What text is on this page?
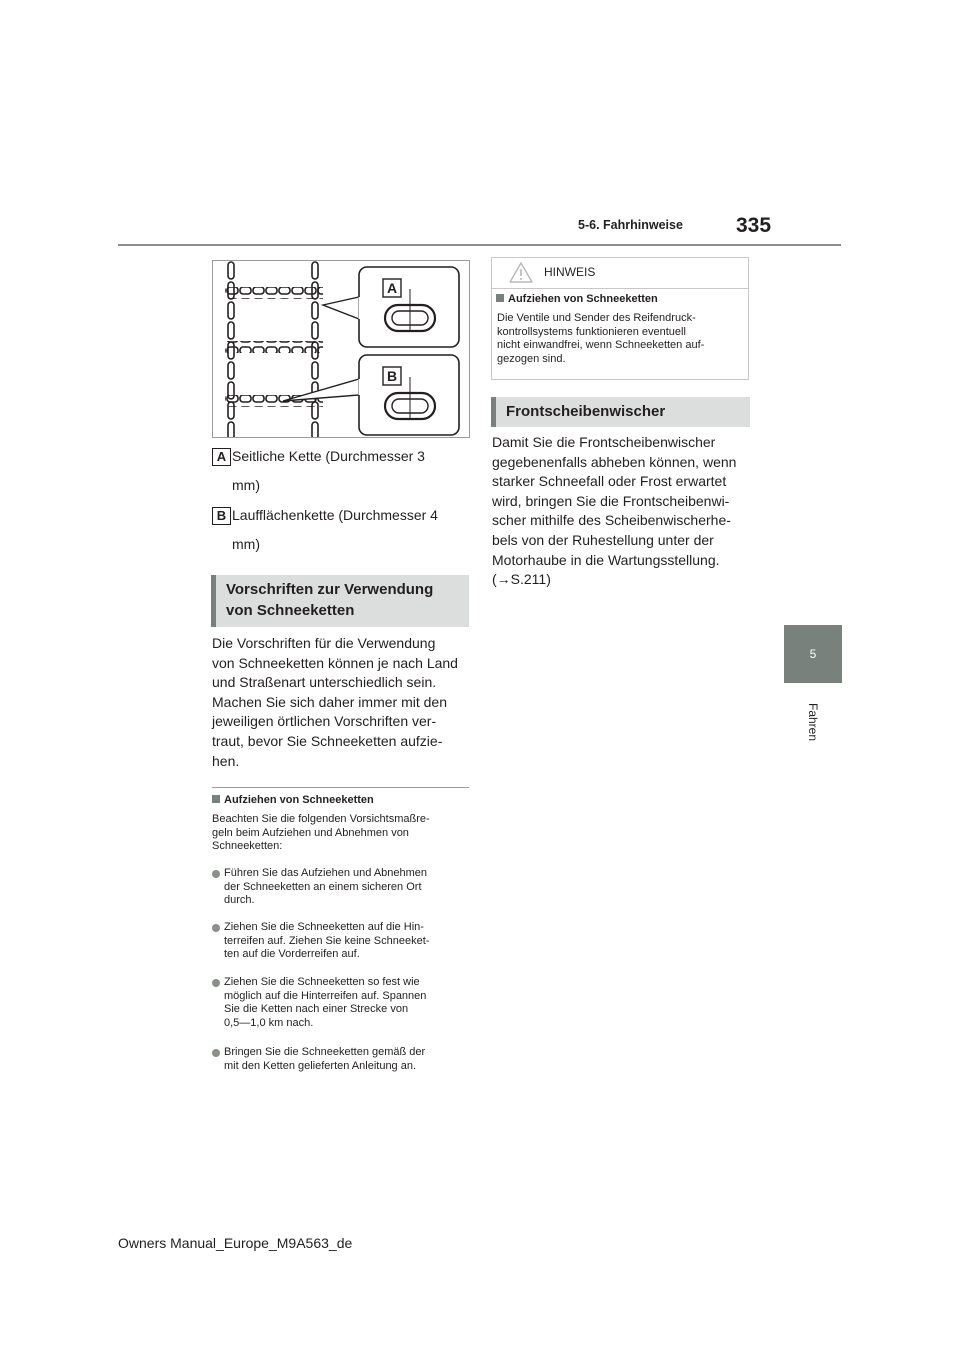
5-6. Fahrhinweise	335
5
Fahren
A
B
A Seitliche Kette (Durchmesser 3
mm)
B Laufflächenkette (Durchmesser 4
mm)
Vorschriften zur Verwendung
von Schneeketten
Die Vorschriften für die Verwendung
von Schneeketten können je nach Land
und Straßenart unterschiedlich sein.
Machen Sie sich daher immer mit den
jeweiligen örtlichen Vorschriften ver-
traut, bevor Sie Schneeketten aufzie-
hen.
Aufziehen von Schneeketten
Beachten Sie die folgenden Vorsichtsmaßre-
geln beim Aufziehen und Abnehmen von
Schneeketten:
Führen Sie das Aufziehen und Abnehmen
der Schneeketten an einem sicheren Ort
durch.
Ziehen Sie die Schneeketten auf die Hin-
terreifen auf. Ziehen Sie keine Schneeket-
ten auf die Vorderreifen auf.
Ziehen Sie die Schneeketten so fest wie
möglich auf die Hinterreifen auf. Spannen
Sie die Ketten nach einer Strecke von
0,5—1,0 km nach.
Bringen Sie die Schneeketten gemäß der
mit den Ketten gelieferten Anleitung an.
HINWEIS
Aufziehen von Schneeketten
Die Ventile und Sender des Reifendruck-
kontrollsystems funktionieren eventuell
nicht einwandfrei, wenn Schneeketten auf-
gezogen sind.
Frontscheibenwischer
Damit Sie die Frontscheibenwischer
gegebenenfalls abheben können, wenn
starker Schneefall oder Frost erwartet
wird, bringen Sie die Frontscheibenwi-
scher mithilfe des Scheibenwischerhe-
bels von der Ruhestellung unter der
Motorhaube in die Wartungsstellung.
(→S.211)
Owners Manual_Europe_M9A563_de
